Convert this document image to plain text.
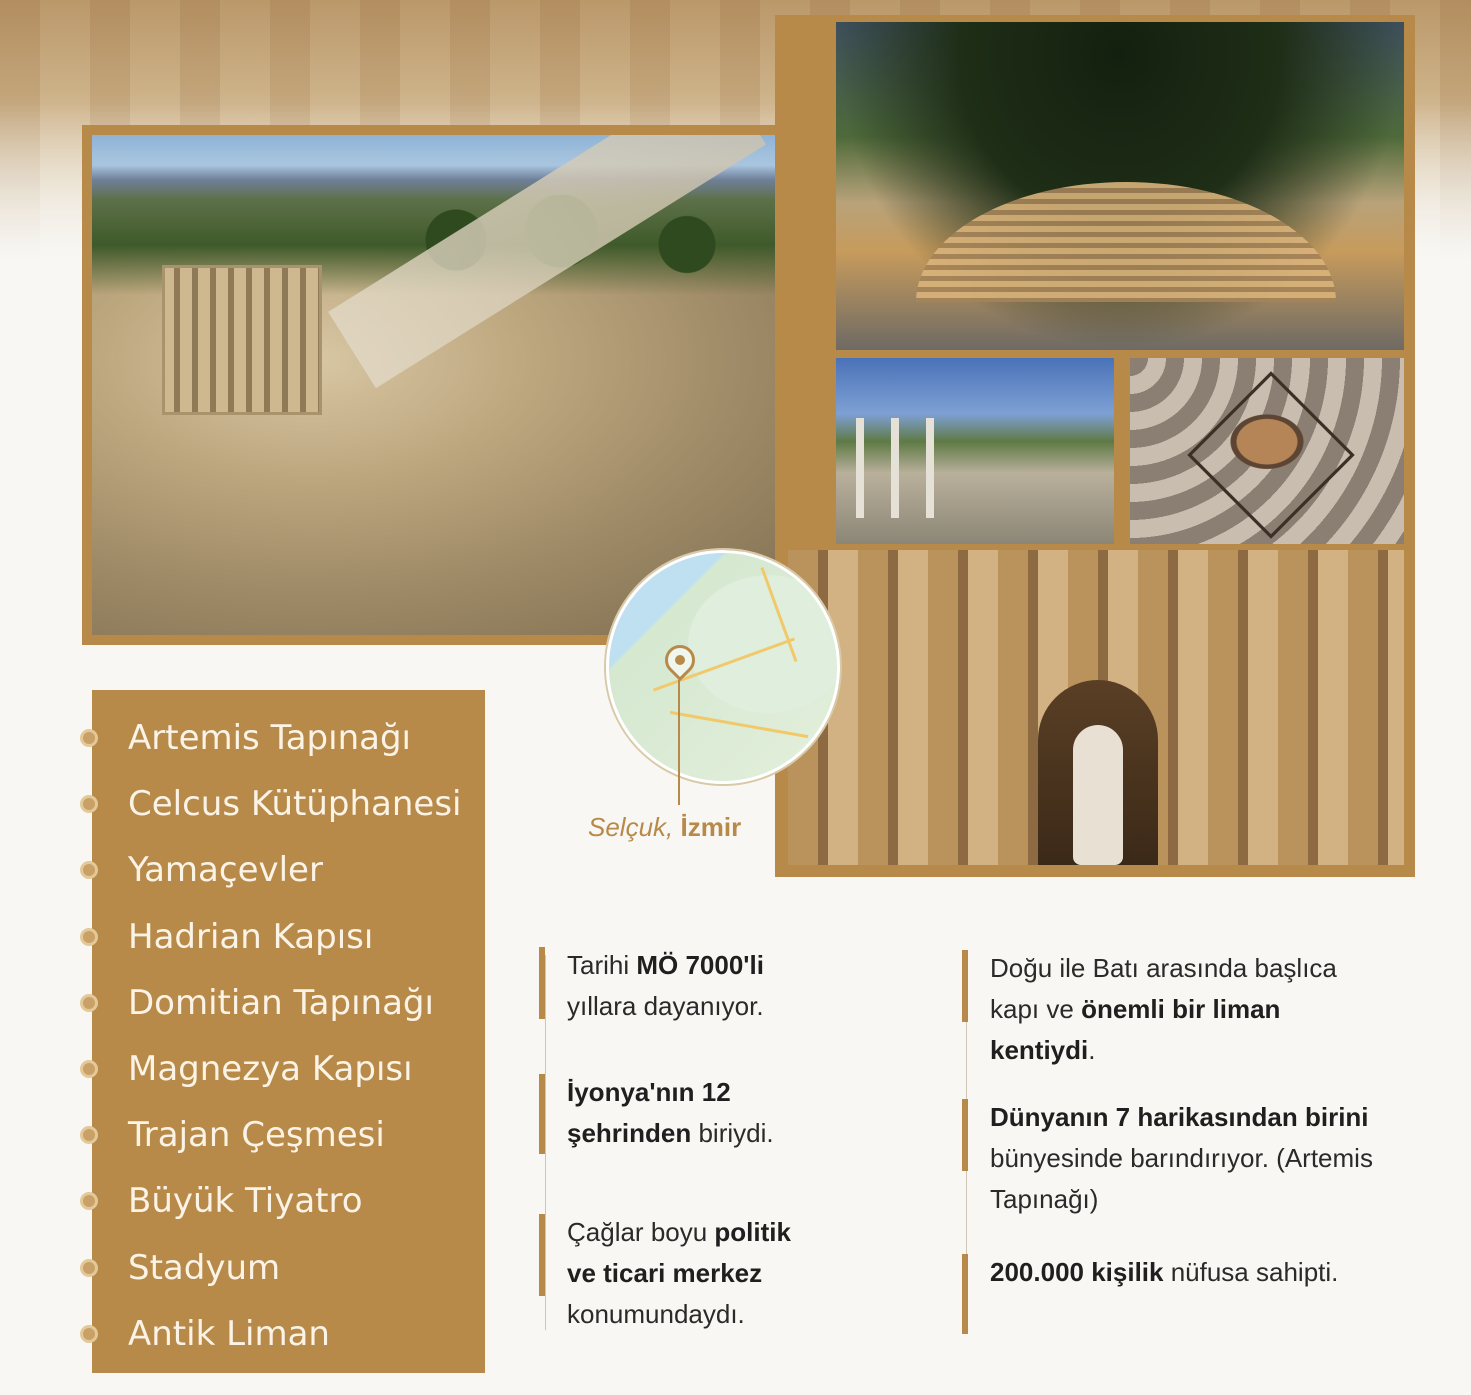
Selçuk, İzmir
Artemis Tapınağı
Celcus Kütüphanesi
Yamaçevler
Hadrian Kapısı
Domitian Tapınağı
Magnezya Kapısı
Trajan Çeşmesi
Büyük Tiyatro
Stadyum
Antik Liman
Tarihi MÖ 7000'li yıllara dayanıyor.
İyonya'nın 12 şehrinden biriydi.
Çağlar boyu politik ve ticari merkez konumundaydı.
Doğu ile Batı arasında başlıca kapı ve önemli bir liman kentiydi.
Dünyanın 7 harikasından birini bünyesinde barındırıyor. (Artemis Tapınağı)
200.000 kişilik nüfusa sahipti.
